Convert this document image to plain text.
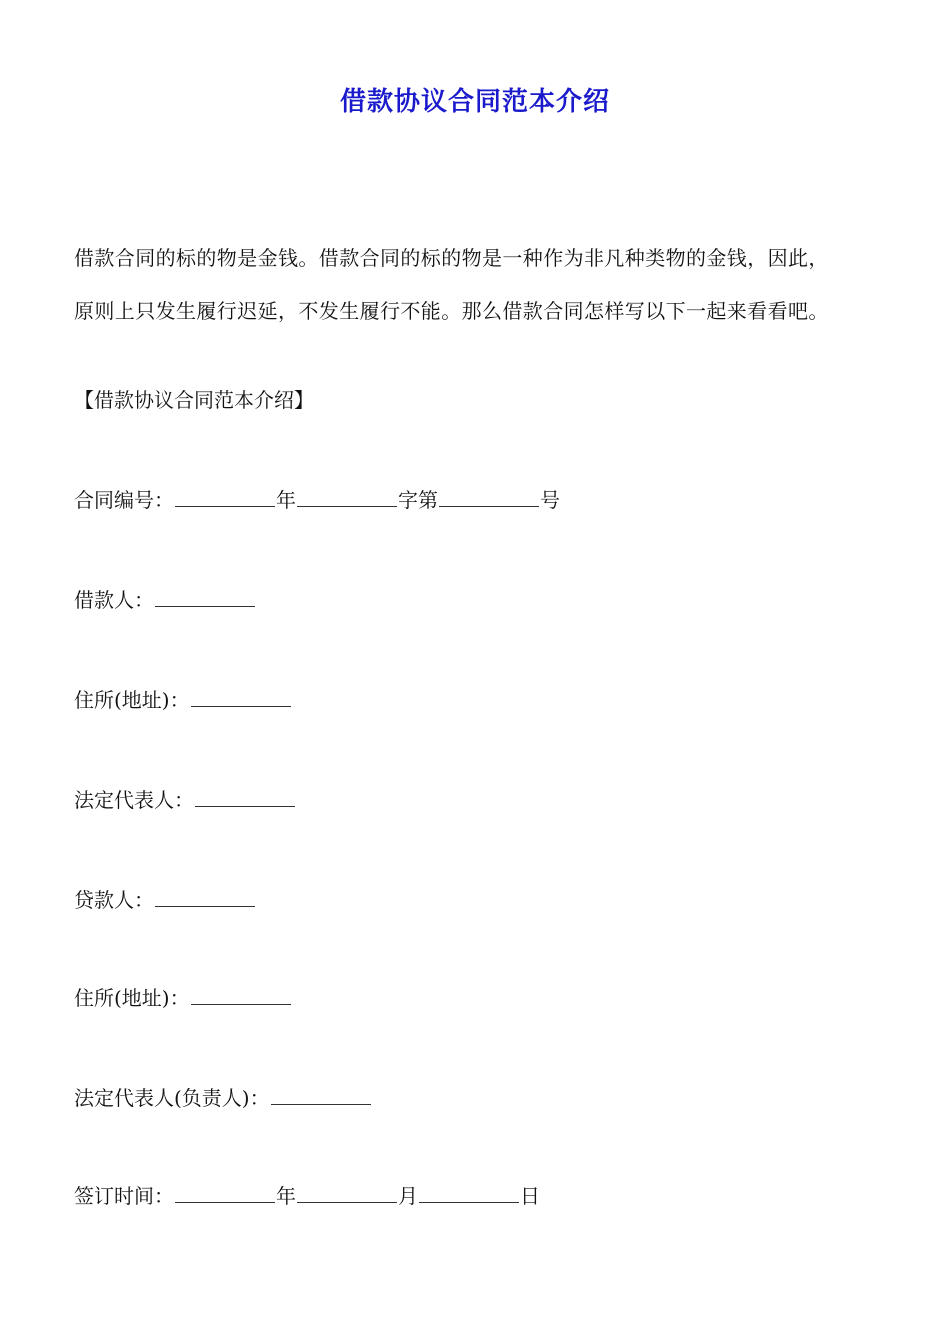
借款协议合同范本介绍

借款合同的标的物是金钱。借款合同的标的物是一种作为非凡种类物的金钱，因此，

原则上只发生履行迟延，不发生履行不能。那么借款合同怎样写以下一起来看看吧。

【借款协议合同范本介绍】
合同编号：	年	字第	号
借款人：
住所(地址)：
法定代表人：
贷款人：
住所(地址)：
法定代表人(负责人)：
签订时间：	年	月	日
